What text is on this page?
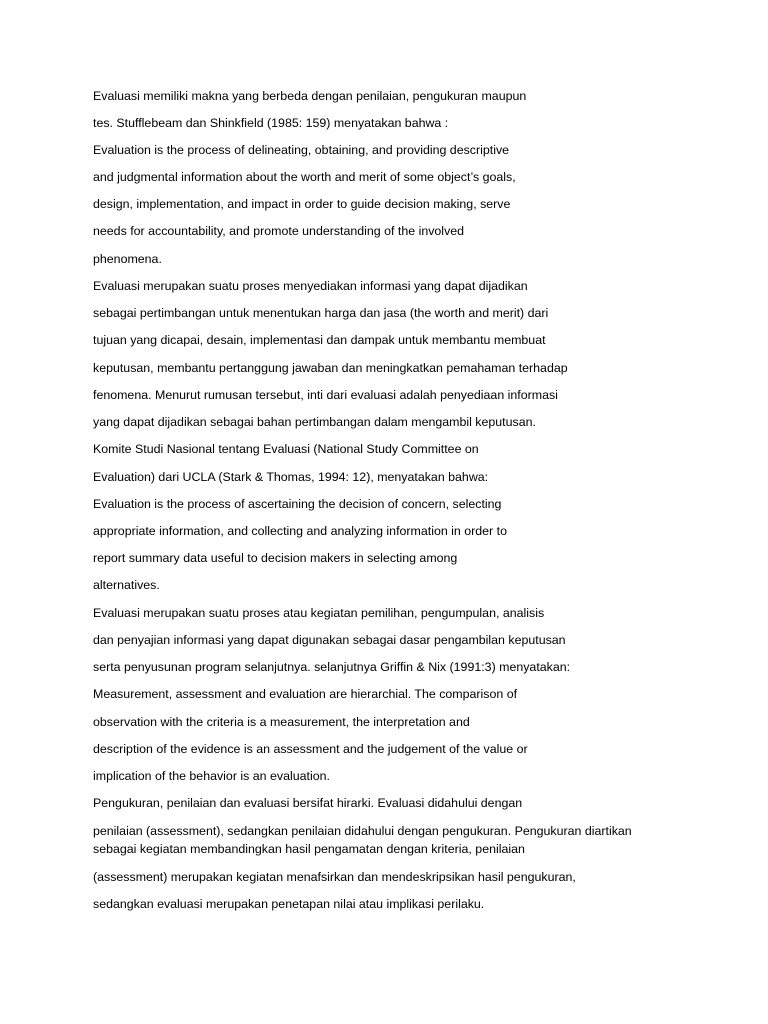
Evaluasi memiliki makna yang berbeda dengan penilaian, pengukuran maupun

tes. Stufflebeam dan Shinkfield (1985: 159) menyatakan bahwa :

Evaluation is the process of delineating, obtaining, and providing descriptive

and judgmental information about the worth and merit of some object’s goals,

design, implementation, and impact in order to guide decision making, serve

needs for accountability, and promote understanding of the involved

phenomena.

Evaluasi merupakan suatu proses menyediakan informasi yang dapat dijadikan

sebagai pertimbangan untuk menentukan harga dan jasa (the worth and merit) dari

tujuan yang dicapai, desain, implementasi dan dampak untuk membantu membuat

keputusan, membantu pertanggung jawaban dan meningkatkan pemahaman terhadap

fenomena. Menurut rumusan tersebut, inti dari evaluasi adalah penyediaan informasi

yang dapat dijadikan sebagai bahan pertimbangan dalam mengambil keputusan.

Komite Studi Nasional tentang Evaluasi (National Study Committee on

Evaluation) dari UCLA (Stark & Thomas, 1994: 12), menyatakan bahwa:

Evaluation is the process of ascertaining the decision of concern, selecting

appropriate information, and collecting and analyzing information in order to

report summary data useful to decision makers in selecting among

alternatives.

Evaluasi merupakan suatu proses atau kegiatan pemilihan, pengumpulan, analisis

dan penyajian informasi yang dapat digunakan sebagai dasar pengambilan keputusan

serta penyusunan program selanjutnya. selanjutnya Griffin & Nix (1991:3) menyatakan:

Measurement, assessment and evaluation are hierarchial. The comparison of

observation with the criteria is a measurement, the interpretation and

description of the evidence is an assessment and the judgement of the value or

implication of the behavior is an evaluation.

Pengukuran, penilaian dan evaluasi bersifat hirarki. Evaluasi didahului dengan

penilaian (assessment), sedangkan penilaian didahului dengan pengukuran. Pengukuran diartikan

sebagai kegiatan membandingkan hasil pengamatan dengan kriteria, penilaian

(assessment) merupakan kegiatan menafsirkan dan mendeskripsikan hasil pengukuran,

sedangkan evaluasi merupakan penetapan nilai atau implikasi perilaku.
